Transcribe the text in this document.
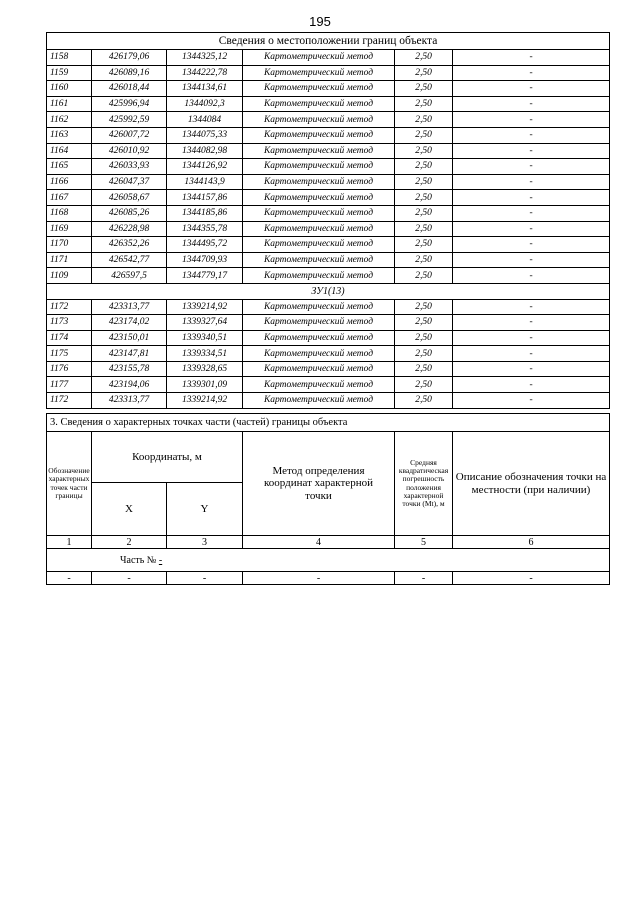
195
Сведения о местоположении границ объекта					
1158	426179,06	1344325,12	Картометрический метод	2,50	-
1159	426089,16	1344222,78	Картометрический метод	2,50	-
1160	426018,44	1344134,61	Картометрический метод	2,50	-
1161	425996,94	1344092,3	Картометрический метод	2,50	-
1162	425992,59	1344084	Картометрический метод	2,50	-
1163	426007,72	1344075,33	Картометрический метод	2,50	-
1164	426010,92	1344082,98	Картометрический метод	2,50	-
1165	426033,93	1344126,92	Картометрический метод	2,50	-
1166	426047,37	1344143,9	Картометрический метод	2,50	-
1167	426058,67	1344157,86	Картометрический метод	2,50	-
1168	426085,26	1344185,86	Картометрический метод	2,50	-
1169	426228,98	1344355,78	Картометрический метод	2,50	-
1170	426352,26	1344495,72	Картометрический метод	2,50	-
1171	426542,77	1344709,93	Картометрический метод	2,50	-
1109	426597,5	1344779,17	Картометрический метод	2,50	-
ЗУ1(13)					
1172	423313,77	1339214,92	Картометрический метод	2,50	-
1173	423174,02	1339327,64	Картометрический метод	2,50	-
1174	423150,01	1339340,51	Картометрический метод	2,50	-
1175	423147,81	1339334,51	Картометрический метод	2,50	-
1176	423155,78	1339328,65	Картометрический метод	2,50	-
1177	423194,06	1339301,09	Картометрический метод	2,50	-
1172	423313,77	1339214,92	Картометрический метод	2,50	-
3. Сведения о характерных точках части (частей) границы объекта					
Обозначение характерных точек части границы	Координаты, м		Метод определения координат характерной точки	Средняя квадратическая погрешность положения характерной точки (Mt), м	Описание обозначения точки на местности (при наличии)
	X	Y			
1	2	3	4	5	6
Часть № -					
-	-	-	-	-	-
